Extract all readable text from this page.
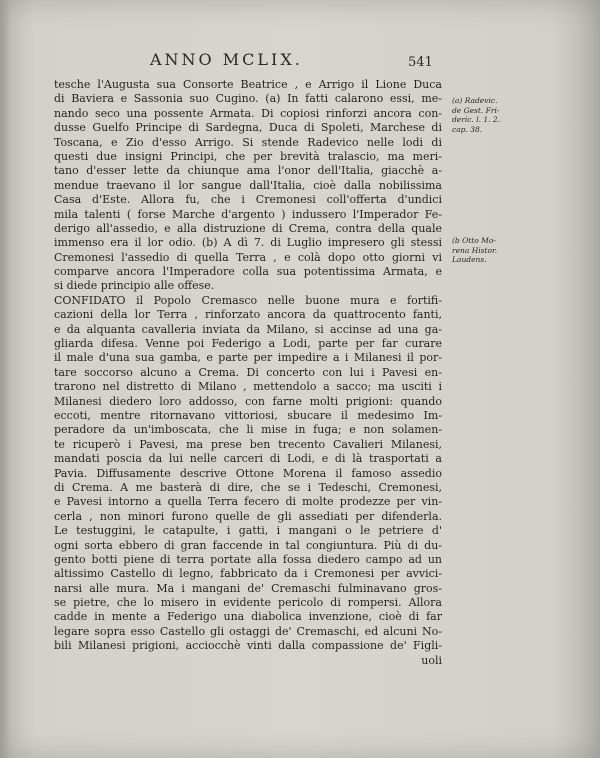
ANNO MCLIX.	541
tesche l'Augusta sua Consorte Beatrice , e Arrigo il Lione Duca
di Baviera e Sassonia suo Cugino. (a) In fatti calarono essi, me-
nando seco una possente Armata. Di copiosi rinforzi ancora con-
dusse Guelfo Principe di Sardegna, Duca di Spoleti, Marchese di
Toscana, e Zio d'esso Arrigo. Si stende Radevico nelle lodi di
questi due insigni Principi, che per brevità tralascio, ma meri-
tano d'esser lette da chiunque ama l'onor dell'Italia, giacchè a-
mendue traevano il lor sangue dall'Italia, cioè dalla nobilissima
Casa d'Este. Allora fu, che i Cremonesi coll'offerta d'undici
mila talenti ( forse Marche d'argento ) indussero l'Imperador Fe-
derigo all'assedio, e alla distruzione di Crema, contra della quale
immenso era il lor odio. (b) A dì 7. di Luglio impresero gli stessi
Cremonesi l'assedio di quella Terra , e colà dopo otto giorni vi
comparve ancora l'Imperadore colla sua potentissima Armata, e
si diede principio alle offese.
CONFIDATO il Popolo Cremasco nelle buone mura e fortifi-
cazioni della lor Terra , rinforzato ancora da quattrocento fanti,
e da alquanta cavalleria inviata da Milano, si accinse ad una ga-
gliarda difesa. Venne poi Federigo a Lodi, parte per far curare
il male d'una sua gamba, e parte per impedire a i Milanesi il por-
tare soccorso alcuno a Crema. Di concerto con lui i Pavesi en-
trarono nel distretto di Milano , mettendolo a sacco; ma usciti i
Milanesi diedero loro addosso, con farne molti prigioni: quando
eccoti, mentre ritornavano vittoriosi, sbucare il medesimo Im-
peradore da un'imboscata, che li mise in fuga; e non solamen-
te ricuperò i Pavesi, ma prese ben trecento Cavalieri Milanesi,
mandati poscia da lui nelle carceri di Lodi, e di là trasportati a
Pavia. Diffusamente descrive Ottone Morena il famoso assedio
di Crema. A me basterà di dire, che se i Tedeschi, Cremonesi,
e Pavesi intorno a quella Terra fecero di molte prodezze per vin-
cerla , non minori furono quelle de gli assediati per difenderla.
Le testuggini, le catapulte, i gatti, i mangani o le petriere d'
ogni sorta ebbero di gran faccende in tal congiuntura. Più di du-
gento botti piene di terra portate alla fossa diedero campo ad un
altissimo Castello di legno, fabbricato da i Cremonesi per avvici-
narsi alle mura. Ma i mangani de' Cremaschi fulminavano gros-
se pietre, che lo misero in evidente pericolo di rompersi. Allora
cadde in mente a Federigo una diabolica invenzione, cioè di far
legare sopra esso Castello gli ostaggi de' Cremaschi, ed alcuni No-
bili Milanesi prigioni, acciocchè vinti dalla compassione de' Figli-
uoli
(a) Radevic.
de Gest. Fri-
deric. l. 1. 2.
cap. 38.
(b Otto Mo-
rena Histor.
Laudens.
